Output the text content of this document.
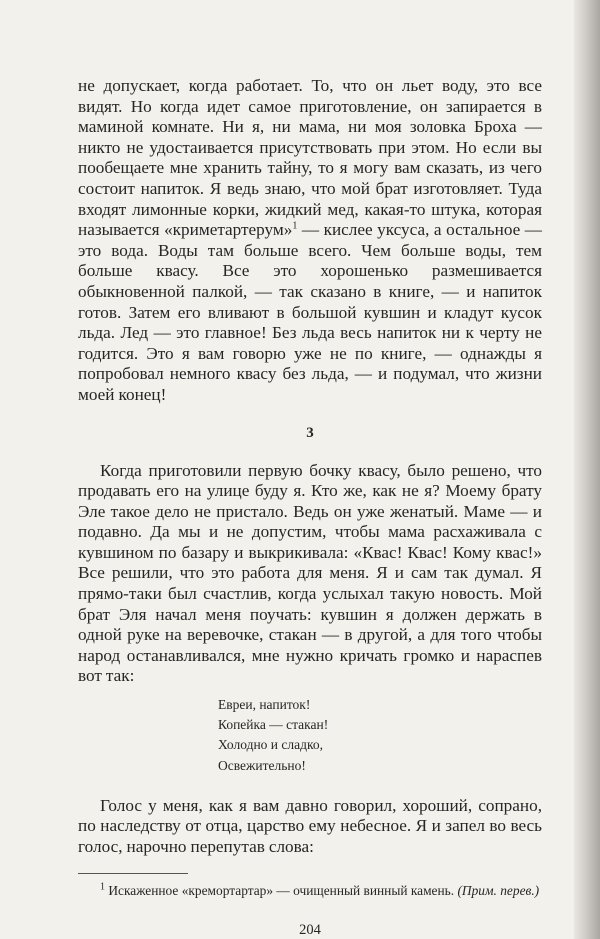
не допускает, когда работает. То, что он льет воду, это все видят. Но когда идет самое приготовление, он запирается в маминой комнате. Ни я, ни мама, ни моя золовка Броха — никто не удостаивается присутствовать при этом. Но если вы пообещаете мне хранить тайну, то я могу вам сказать, из чего состоит напиток. Я ведь знаю, что мой брат изготовляет. Туда входят лимонные корки, жидкий мед, какая-то штука, которая называется «криметартерум»$^1$ — кислее уксуса, а остальное — это вода. Воды там больше всего. Чем больше воды, тем больше квасу. Все это хорошенько размешивается обыкновенной палкой, — так сказано в книге, — и напиток готов. Затем его вливают в большой кувшин и кладут кусок льда. Лед — это главное! Без льда весь напиток ни к черту не годится. Это я вам говорю уже не по книге, — однажды я попробовал немного квасу без льда, — и подумал, что жизни моей конец!

3

Когда приготовили первую бочку квасу, было решено, что продавать его на улице буду я. Кто же, как не я? Моему брату Эле такое дело не пристало. Ведь он уже женатый. Маме — и подавно. Да мы и не допустим, чтобы мама расхаживала с кувшином по базару и выкрикивала: «Квас! Квас! Кому квас!» Все решили, что это работа для меня. Я и сам так думал. Я прямо-таки был счастлив, когда услыхал такую новость. Мой брат Эля начал меня поучать: кувшин я должен держать в одной руке на веревочке, стакан — в другой, а для того чтобы народ останавливался, мне нужно кричать громко и нараспев вот так:

Евреи, напиток!
Копейка — стакан!
Холодно и сладко,
Освежительно!

Голос у меня, как я вам давно говорил, хороший, сопрано, по наследству от отца, царство ему небесное. Я и запел во весь голос, нарочно перепутав слова:

$^1$ Искаженное «кремортартар» — очищенный винный камень. (Прим. перев.)

204
